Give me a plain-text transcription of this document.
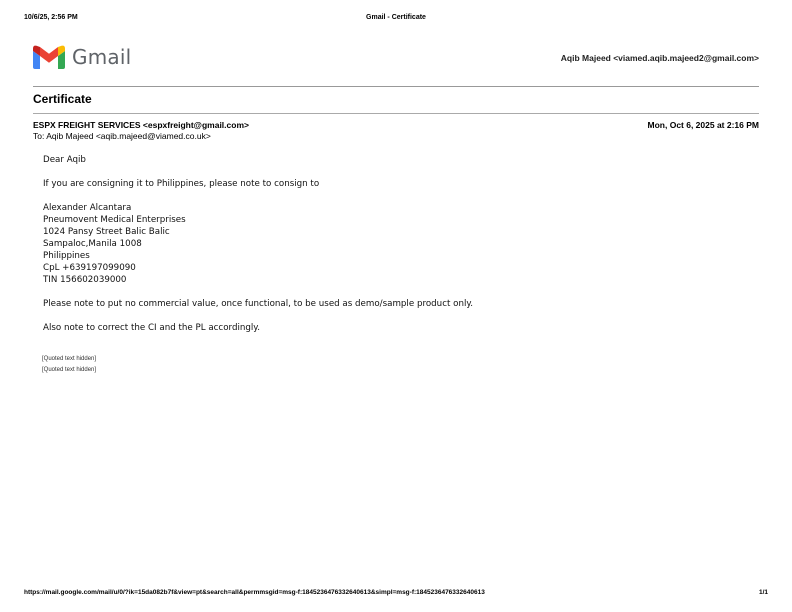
10/6/25, 2:56 PM	Gmail - Certificate
Gmail	Aqib Majeed <viamed.aqib.majeed2@gmail.com>
Certificate
ESPX FREIGHT SERVICES <espxfreight@gmail.com>	Mon, Oct 6, 2025 at 2:16 PM
To: Aqib Majeed <aqib.majeed@viamed.co.uk>

Dear Aqib

If you are consigning it to Philippines, please note to consign to

Alexander Alcantara

Pneumovent Medical Enterprises

1024 Pansy Street Balic Balic

Sampaloc,Manila 1008

Philippines

CpL +639197099090

TIN 156602039000

Please note to put no commercial value, once functional, to be used as demo/sample product only.

Also note to correct the CI and the PL accordingly.

[Quoted text hidden]

[Quoted text hidden]

https://mail.google.com/mail/u/0/?ik=15da082b7f&view=pt&search=all&permmsgid=msg-f:1845236476332640613&simpl=msg-f:1845236476332640613	1/1
